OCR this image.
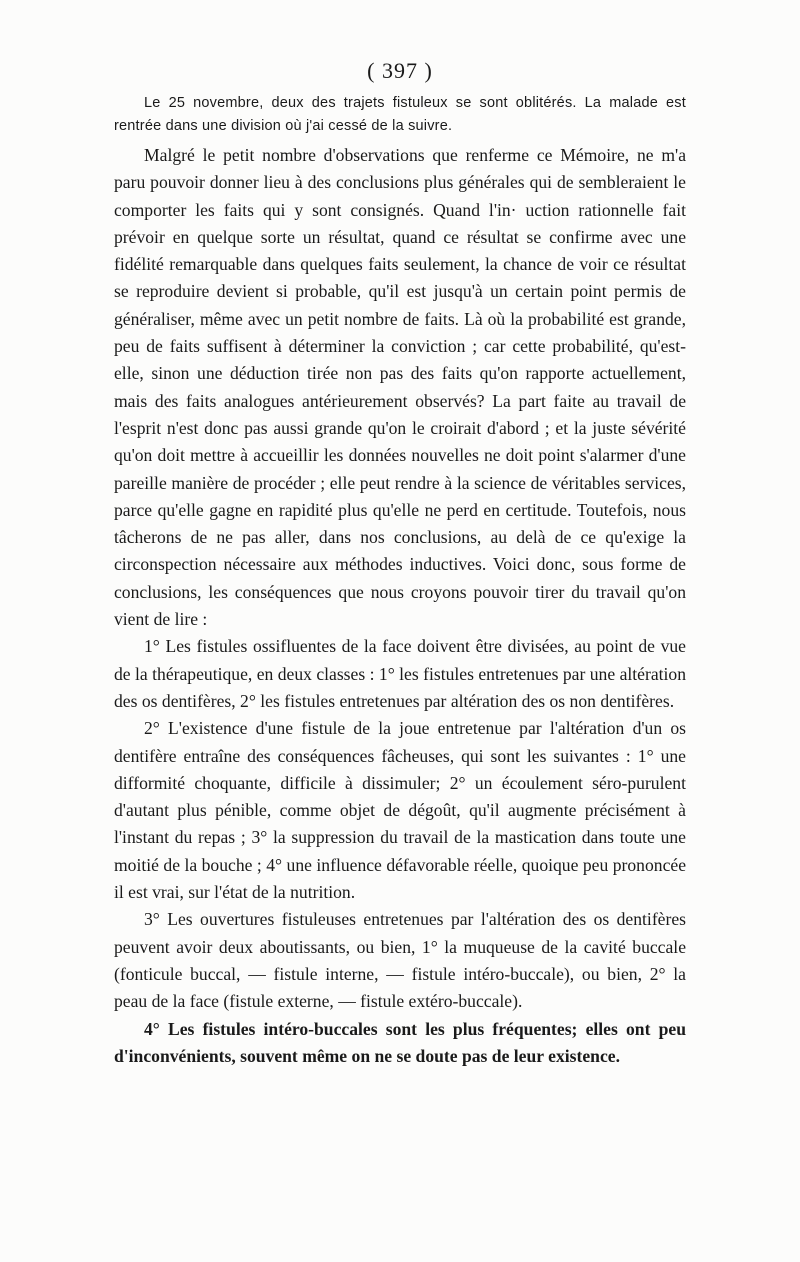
( 397 )

Le 25 novembre, deux des trajets fistuleux se sont oblitérés. La malade est rentrée dans une division où j'ai cessé de la suivre.

Malgré le petit nombre d'observations que renferme ce Mémoire, ne m'a paru pouvoir donner lieu à des conclusions plus générales qui de sembleraient le comporter les faits qui y sont consignés. Quand l'in· uction rationnelle fait prévoir en quelque sorte un résultat, quand ce résultat se confirme avec une fidélité remarquable dans quelques faits seulement, la chance de voir ce résultat se reproduire devient si probable, qu'il est jusqu'à un certain point permis de généraliser, même avec un petit nombre de faits. Là où la probabilité est grande, peu de faits suffisent à déterminer la conviction ; car cette probabilité, qu'est-elle, sinon une déduction tirée non pas des faits qu'on rapporte actuellement, mais des faits analogues antérieurement observés? La part faite au travail de l'esprit n'est donc pas aussi grande qu'on le croirait d'abord ; et la juste sévérité qu'on doit mettre à accueillir les données nouvelles ne doit point s'alarmer d'une pareille manière de procéder ; elle peut rendre à la science de véritables services, parce qu'elle gagne en rapidité plus qu'elle ne perd en certitude. Toutefois, nous tâcherons de ne pas aller, dans nos conclusions, au delà de ce qu'exige la circonspection nécessaire aux méthodes inductives. Voici donc, sous forme de conclusions, les conséquences que nous croyons pouvoir tirer du travail qu'on vient de lire :

1° Les fistules ossifluentes de la face doivent être divisées, au point de vue de la thérapeutique, en deux classes : 1° les fistules entretenues par une altération des os dentifères, 2° les fistules entretenues par altération des os non dentifères.

2° L'existence d'une fistule de la joue entretenue par l'altération d'un os dentifère entraîne des conséquences fâcheuses, qui sont les suivantes : 1° une difformité choquante, difficile à dissimuler; 2° un écoulement séro-purulent d'autant plus pénible, comme objet de dégoût, qu'il augmente précisément à l'instant du repas ; 3° la suppression du travail de la mastication dans toute une moitié de la bouche ; 4° une influence défavorable réelle, quoique peu prononcée il est vrai, sur l'état de la nutrition.

3° Les ouvertures fistuleuses entretenues par l'altération des os dentifères peuvent avoir deux aboutissants, ou bien, 1° la muqueuse de la cavité buccale (fonticule buccal, — fistule interne, — fistule intéro-buccale), ou bien, 2° la peau de la face (fistule externe, — fistule extéro-buccale).

4° Les fistules intéro-buccales sont les plus fréquentes; elles ont peu d'inconvénients, souvent même on ne se doute pas de leur existence.
